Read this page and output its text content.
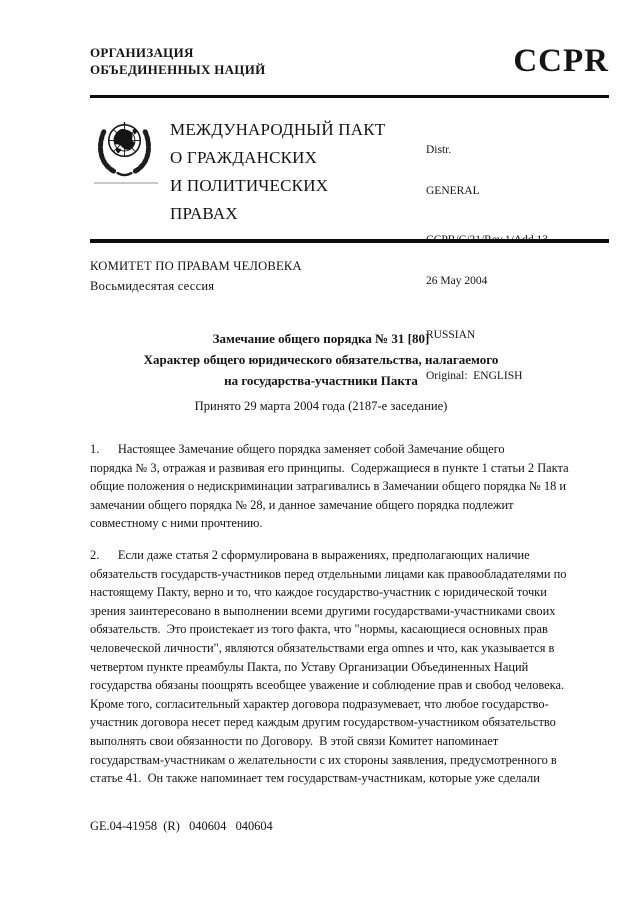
ОРГАНИЗАЦИЯ
ОБЪЕДИНЕННЫХ НАЦИЙ	CCPR
МЕЖДУНАРОДНЫЙ ПАКТ
О ГРАЖДАНСКИХ
И ПОЛИТИЧЕСКИХ
ПРАВАХ

Distr.

GENERAL

26 May 2004

RUSSIAN

Original:  ENGLISH

КОМИТЕТ ПО ПРАВАМ ЧЕЛОВЕКА
Восьмидесятая сессия
Замечание общего порядка № 31 [80]
Характер общего юридического обязательства, налагаемого
на государства-участники Пакта
Принято 29 марта 2004 года (2187-е заседание)
1.      Настоящее Замечание общего порядка заменяет собой Замечание общего
порядка № 3, отражая и развивая его принципы.  Содержащиеся в пункте 1 статьи 2 Пакта
общие положения о недискриминации затрагивались в Замечании общего порядка № 18 и
замечании общего порядка № 28, и данное замечание общего порядка подлежит
совместному с ними прочтению.
2.      Если даже статья 2 сформулирована в выражениях, предполагающих наличие
обязательств государств-участников перед отдельными лицами как правообладателями по
настоящему Пакту, верно и то, что каждое государство-участник с юридической точки
зрения заинтересовано в выполнении всеми другими государствами-участниками своих
обязательств.  Это проистекает из того факта, что "нормы, касающиеся основных прав
человеческой личности", являются обязательствами erga omnes и что, как указывается в
четвертом пункте преамбулы Пакта, по Уставу Организации Объединенных Наций
государства обязаны поощрять всеобщее уважение и соблюдение прав и свобод человека.
Кроме того, согласительный характер договора подразумевает, что любое государство-
участник договора несет перед каждым другим государством-участником обязательство
выполнять свои обязанности по Договору.  В этой связи Комитет напоминает
государствам-участникам о желательности с их стороны заявления, предусмотренного в
статье 41.  Он также напоминает тем государствам-участникам, которые уже сделали
GE.04-41958  (R)   040604   040604
